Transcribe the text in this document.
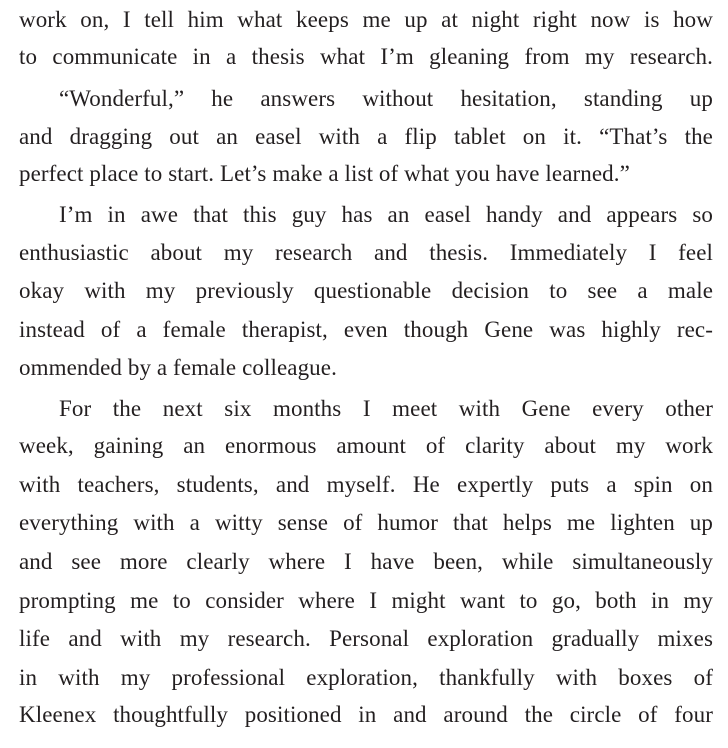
work on, I tell him what keeps me up at night right now is how
to communicate in a thesis what I’m gleaning from my research.
“Wonderful,” he answers without hesitation, standing up
and dragging out an easel with a flip tablet on it. “That’s the
perfect place to start. Let’s make a list of what you have learned.”
I’m in awe that this guy has an easel handy and appears so
enthusiastic about my research and thesis. Immediately I feel
okay with my previously questionable decision to see a male
instead of a female therapist, even though Gene was highly rec-
ommended by a female colleague.
For the next six months I meet with Gene every other
week, gaining an enormous amount of clarity about my work
with teachers, students, and myself. He expertly puts a spin on
everything with a witty sense of humor that helps me lighten up
and see more clearly where I have been, while simultaneously
prompting me to consider where I might want to go, both in my
life and with my research. Personal exploration gradually mixes
in with my professional exploration, thankfully with boxes of
Kleenex thoughtfully positioned in and around the circle of four
